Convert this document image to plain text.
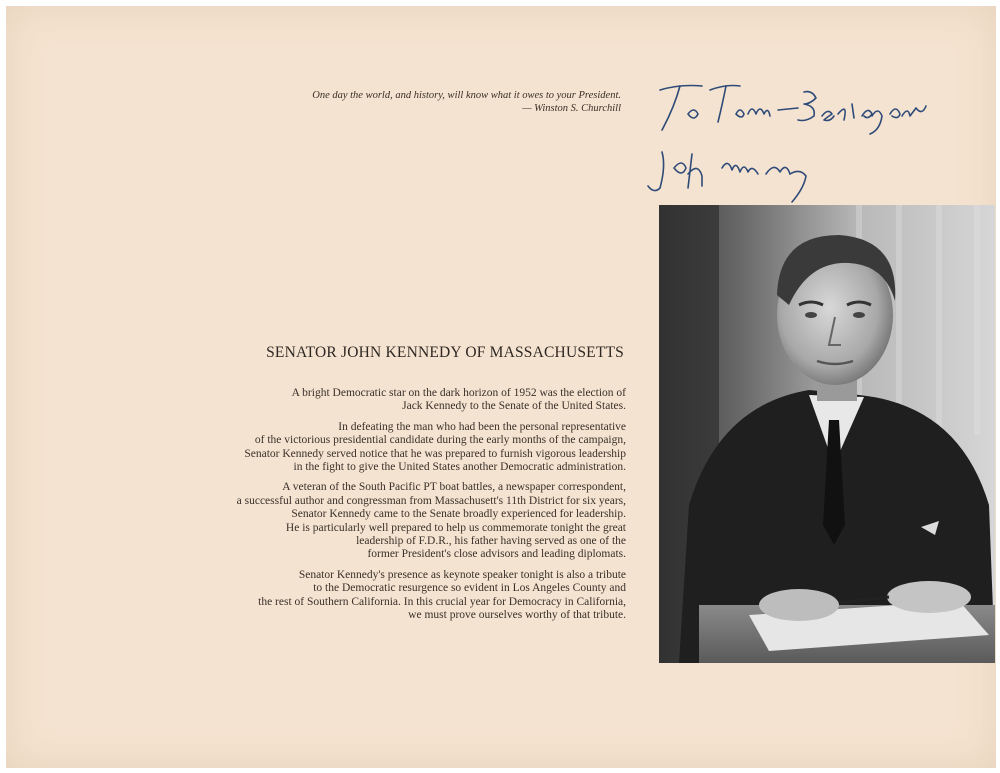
One day the world, and history, will know what it owes to your President.
— Winston S. Churchill
SENATOR JOHN KENNEDY OF MASSACHUSETTS

A bright Democratic star on the dark horizon of 1952 was the election of
Jack Kennedy to the Senate of the United States.

In defeating the man who had been the personal representative
of the victorious presidential candidate during the early months of the campaign,
Senator Kennedy served notice that he was prepared to furnish vigorous leadership
in the fight to give the United States another Democratic administration.

A veteran of the South Pacific PT boat battles, a newspaper correspondent,
a successful author and congressman from Massachusett's 11th District for six years,
Senator Kennedy came to the Senate broadly experienced for leadership.
He is particularly well prepared to help us commemorate tonight the great
leadership of F.D.R., his father having served as one of the
former President's close advisors and leading diplomats.

Senator Kennedy's presence as keynote speaker tonight is also a tribute
to the Democratic resurgence so evident in Los Angeles County and
the rest of Southern California. In this crucial year for Democracy in California,
we must prove ourselves worthy of that tribute.
